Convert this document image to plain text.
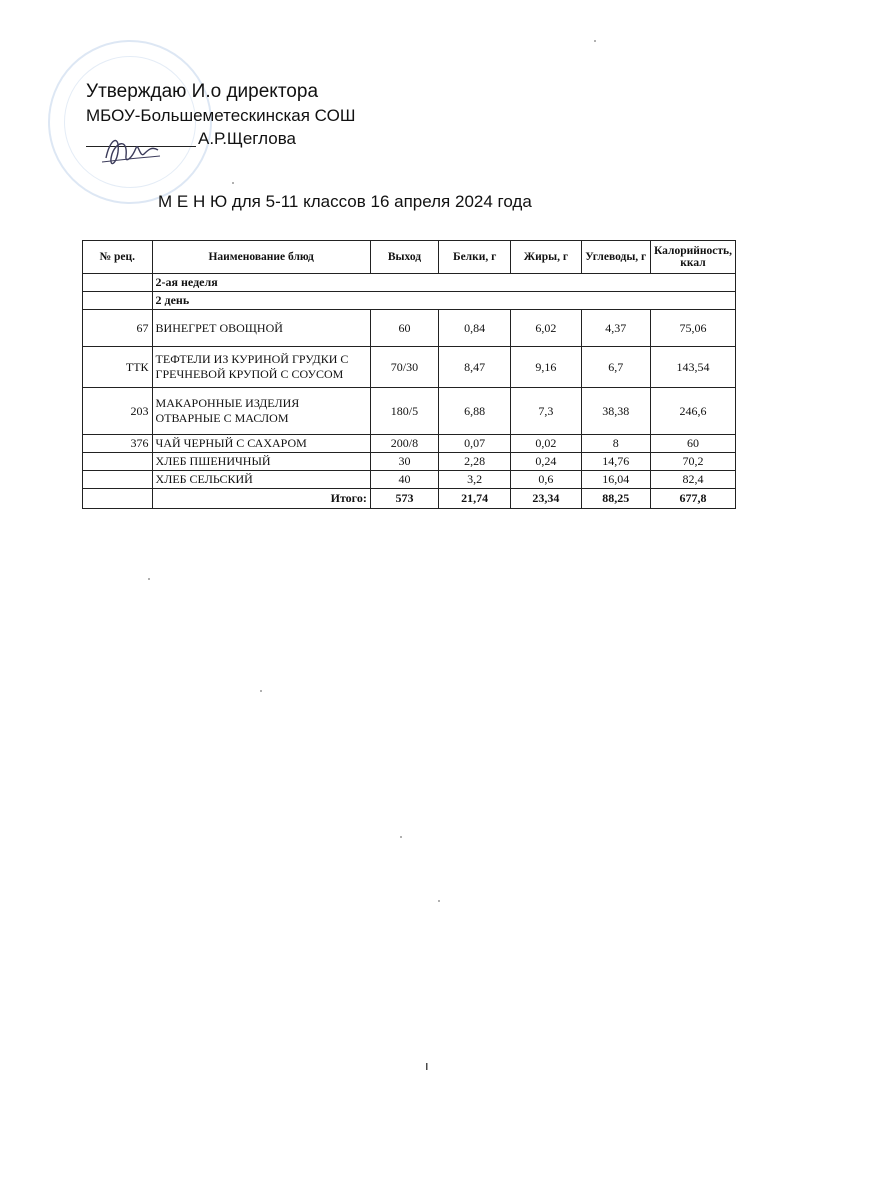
Утверждаю И.о директора
МБОУ-Большеметескинская СОШ
А.Р.Щеглова
М Е Н Ю для 5-11 классов 16 апреля 2024 года
№ рец.	Наименование блюд	Выход	Белки, г	Жиры, г	Углеводы, г	Калорийность, ккал
	2-ая неделя					
	2 день					
67	ВИНЕГРЕТ ОВОЩНОЙ	60	0,84	6,02	4,37	75,06
ТТК	ТЕФТЕЛИ ИЗ КУРИНОЙ ГРУДКИ С ГРЕЧНЕВОЙ КРУПОЙ С СОУСОМ	70/30	8,47	9,16	6,7	143,54
203	МАКАРОННЫЕ ИЗДЕЛИЯ ОТВАРНЫЕ С МАСЛОМ	180/5	6,88	7,3	38,38	246,6
376	ЧАЙ ЧЕРНЫЙ С САХАРОМ	200/8	0,07	0,02	8	60
	ХЛЕБ ПШЕНИЧНЫЙ	30	2,28	0,24	14,76	70,2
	ХЛЕБ СЕЛЬСКИЙ	40	3,2	0,6	16,04	82,4
	Итого:	573	21,74	23,34	88,25	677,8
ı
